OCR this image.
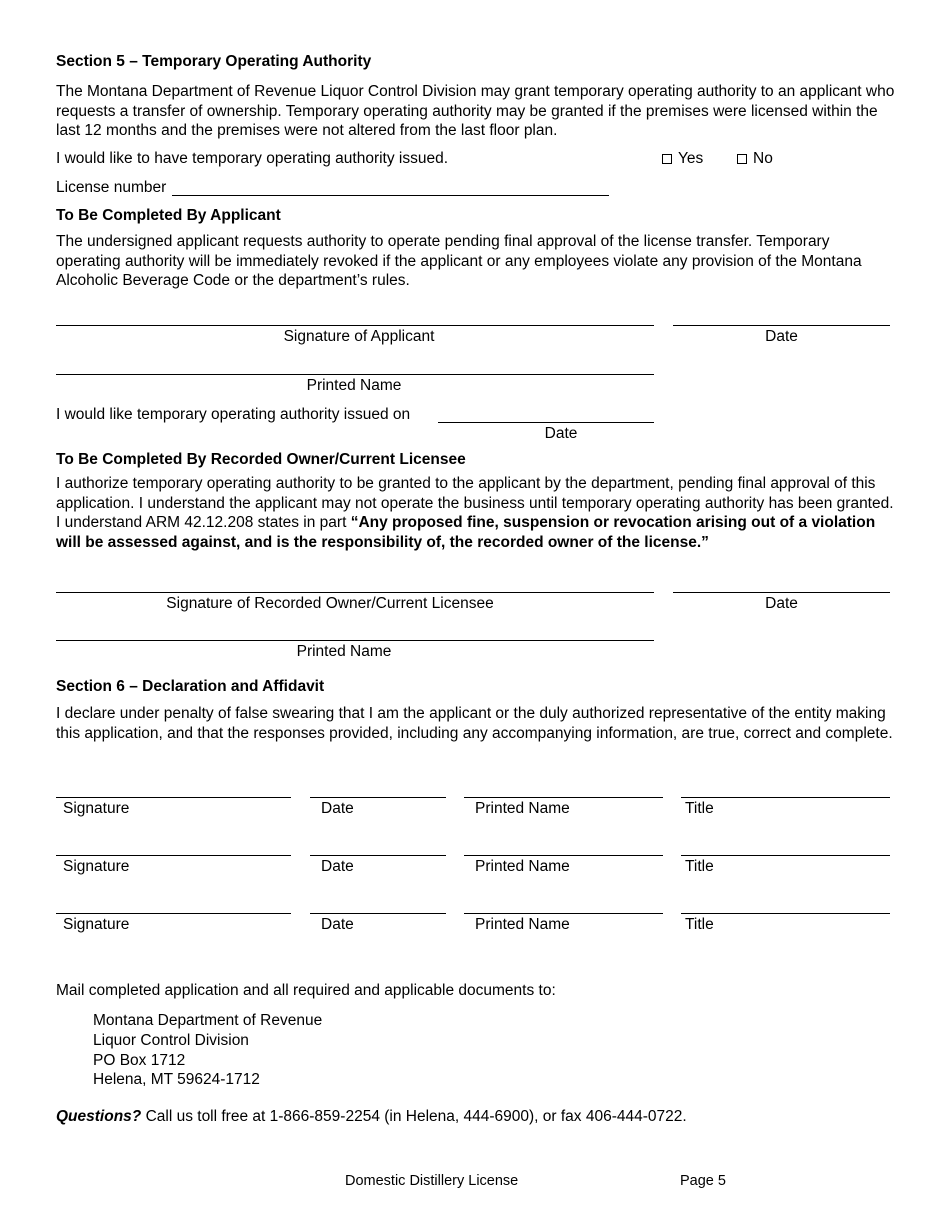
Section 5 – Temporary Operating Authority
The Montana Department of Revenue Liquor Control Division may grant temporary operating authority to an applicant who requests a transfer of ownership. Temporary operating authority may be granted if the premises were licensed within the last 12 months and the premises were not altered from the last floor plan.
I would like to have temporary operating authority issued.	Yes	No
License number
To Be Completed By Applicant
The undersigned applicant requests authority to operate pending final approval of the license transfer. Temporary operating authority will be immediately revoked if the applicant or any employees violate any provision of the Montana Alcoholic Beverage Code or the department’s rules.
Signature of Applicant	Date
Printed Name
I would like temporary operating authority issued on
Date
To Be Completed By Recorded Owner/Current Licensee
I authorize temporary operating authority to be granted to the applicant by the department, pending final approval of this application. I understand the applicant may not operate the business until temporary operating authority has been granted. I understand ARM 42.12.208 states in part “Any proposed fine, suspension or revocation arising out of a violation will be assessed against, and is the responsibility of, the recorded owner of the license.”
Signature of Recorded Owner/Current Licensee	Date
Printed Name
Section 6 – Declaration and Affidavit
I declare under penalty of false swearing that I am the applicant or the duly authorized representative of the entity making this application, and that the responses provided, including any accompanying information, are true, correct and complete.
Signature	Date	Printed Name	Title
Signature	Date	Printed Name	Title
Signature	Date	Printed Name	Title
Mail completed application and all required and applicable documents to:
Montana Department of Revenue
Liquor Control Division
PO Box 1712
Helena, MT 59624-1712
Questions? Call us toll free at 1-866-859-2254 (in Helena, 444-6900), or fax 406-444-0722.
Domestic Distillery License	Page 5
